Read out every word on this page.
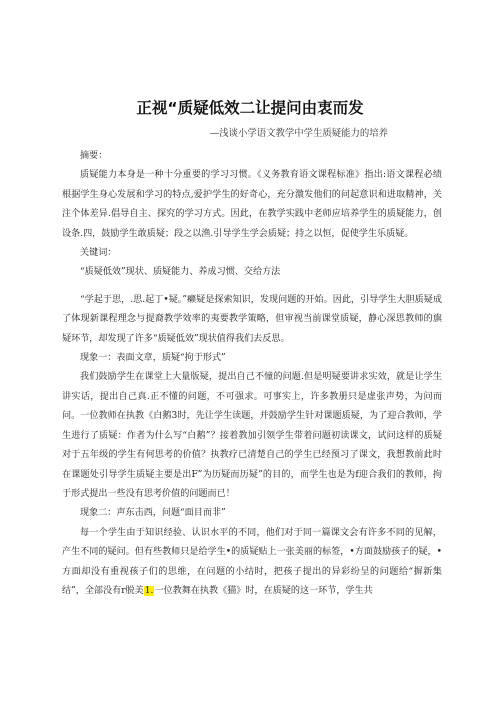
正视“质疑低效二让提问由衷而发
—浅谈小学语文教学中学生质疑能力的培养

摘要：

质疑能力本身是一种十分重要的学习习惯。《义务教育语文课程标准》指出:语文课程必绩根据学生身心发展和学习的特点,爱护学生的好奇心，充分激发他们的问起意识和进取精神，关注个体差异.倡导自主、探究的学习方式。因此，在教学实践中老师应培养学生的质疑能力，创设条.四，鼓励学生敢质疑；段之以渔.引导学生学会质疑；持之以恒，促使学生乐质疑。

关键词：

“质疑低效”现状、质疑能力、养成习惯、交给方法

“学起于思，.思.起丁•疑。”癞疑是探索知识，发现问题的开始。因此，引导学生大胆质疑成了体现新课程理念与提裔教学效率的夷要教学策略，但审视当前课堂质疑，静心深思教师的旗疑环节，却发现了许多“质疑低效”现状值得我们去反思。

现象一：表面文章，质疑“拘于形式”

我们鼓励学生在课堂上大量版疑，提出自己不憧的问题.但是明疑要讲求实效，就是让学生讲实话，提出自己真.正不懂的问题，不可强求。可事实上，许多教册只是虚张声势，为问而问。一位教师在执教《白鹅3时，先让学生读题，并鼓励学生针对课题质疑，为了迎合教师，学生进行了质疑：作者为什么写“白鹅”？接着教加引领学生带着问题初读课文，试问这样的质疑对于五年级的学生有何思考的价值？执教疗已清楚自己的学生已经预习了课文，我想教前此时在课题处引导学生质疑主要是出F”为历疑而历疑”的目的，而学生也是为f迎合我们的教师，拘于形式提出一些没有思考价值的问题而已！

现象二：声东击西，问题“面目而非”

每一个学生由于知识经验、认识水平的不同，他们对于同一篇课文会有许多不同的见解，产生不同的疑问。但有些教师只是给学生•的质疑贴上一张美丽的标签，•方面鼓励孩子的疑，•方面却没有重视孩子们的思维，在问题的小结时，把孩子提出的异彩纷呈的问题给“摒新集结”，全部没有r脱美1.一位教舞在执教《猫》时，在质疑的这一环节，学生共
